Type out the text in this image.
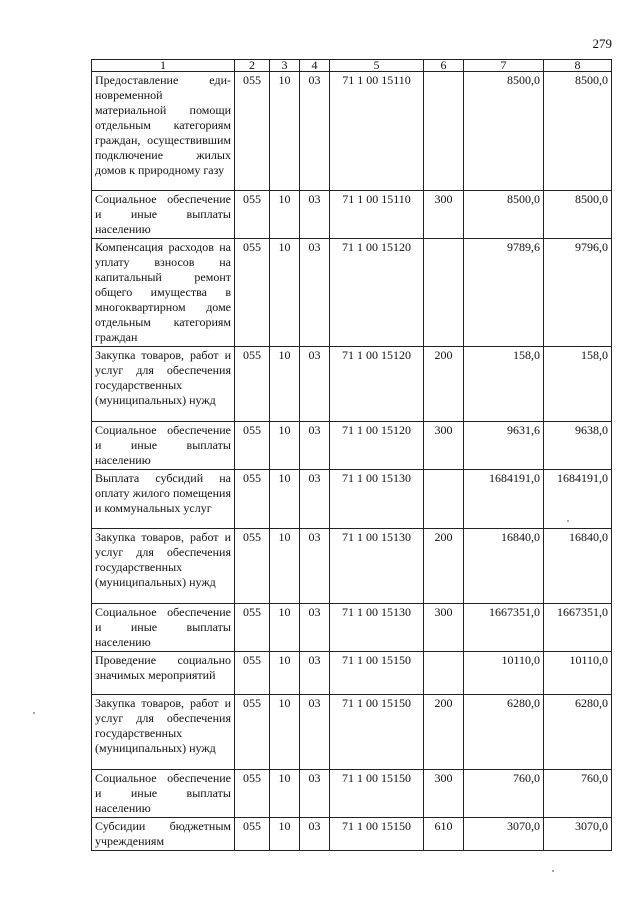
279
1	2	3	4	5	6	7	8
Предоставление еди-новременной материальной помощи отдельным категориям граждан, осуществившим подключение жилых домов к природному газу	055	10	03	71 1 00 15110		8500,0	8500,0
Социальное обеспечение и иные выплаты населению	055	10	03	71 1 00 15110	300	8500,0	8500,0
Компенсация расходов на уплату взносов на капитальный ремонт общего имущества в многоквартирном доме отдельным категориям граждан	055	10	03	71 1 00 15120		9789,6	9796,0
Закупка товаров, работ и услуг для обеспечения государственных (муниципальных) нужд	055	10	03	71 1 00 15120	200	158,0	158,0
Социальное обеспечение и иные выплаты населению	055	10	03	71 1 00 15120	300	9631,6	9638,0
Выплата субсидий на оплату жилого помещения и коммунальных услуг	055	10	03	71 1 00 15130		1684191,0	1684191,0
Закупка товаров, работ и услуг для обеспечения государственных (муниципальных) нужд	055	10	03	71 1 00 15130	200	16840,0	16840,0
Социальное обеспечение и иные выплаты населению	055	10	03	71 1 00 15130	300	1667351,0	1667351,0
Проведение социально значимых мероприятий	055	10	03	71 1 00 15150		10110,0	10110,0
Закупка товаров, работ и услуг для обеспечения государственных (муниципальных) нужд	055	10	03	71 1 00 15150	200	6280,0	6280,0
Социальное обеспечение и иные выплаты населению	055	10	03	71 1 00 15150	300	760,0	760,0
Субсидии бюджетным учреждениям	055	10	03	71 1 00 15150	610	3070,0	3070,0
